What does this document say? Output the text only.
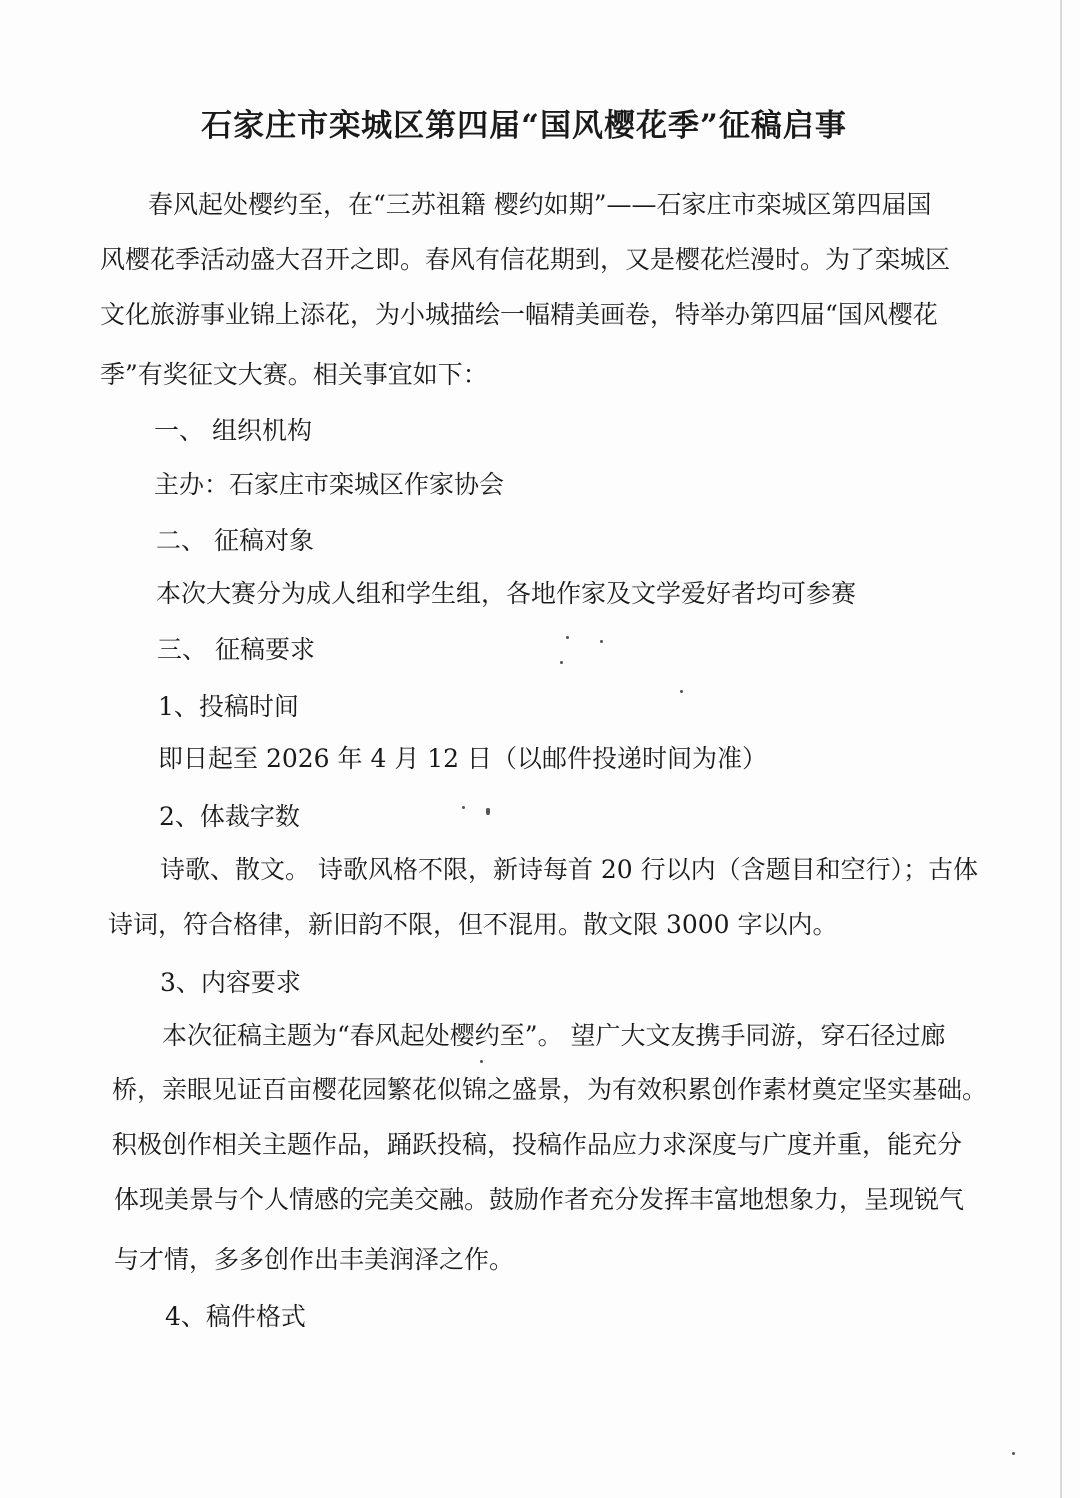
石家庄市栾城区第四届“国风樱花季”征稿启事
春风起处樱约至，在“三苏祖籍 樱约如期”——石家庄市栾城区第四届国
风樱花季活动盛大召开之即。春风有信花期到，又是樱花烂漫时。为了栾城区
文化旅游事业锦上添花，为小城描绘一幅精美画卷，特举办第四届“国风樱花
季”有奖征文大赛。相关事宜如下：
一、 组织机构
主办：石家庄市栾城区作家协会
二、 征稿对象
本次大赛分为成人组和学生组，各地作家及文学爱好者均可参赛
三、 征稿要求
1、投稿时间
即日起至 2026 年 4 月 12 日（以邮件投递时间为准）
2、体裁字数
诗歌、散文。 诗歌风格不限，新诗每首 20 行以内（含题目和空行）；古体
诗词，符合格律，新旧韵不限，但不混用。散文限 3000 字以内。
3、内容要求
本次征稿主题为“春风起处樱约至”。 望广大文友携手同游，穿石径过廊
桥，亲眼见证百亩樱花园繁花似锦之盛景，为有效积累创作素材奠定坚实基础。
积极创作相关主题作品，踊跃投稿，投稿作品应力求深度与广度并重，能充分
体现美景与个人情感的完美交融。鼓励作者充分发挥丰富地想象力，呈现锐气
与才情，多多创作出丰美润泽之作。
4、稿件格式
